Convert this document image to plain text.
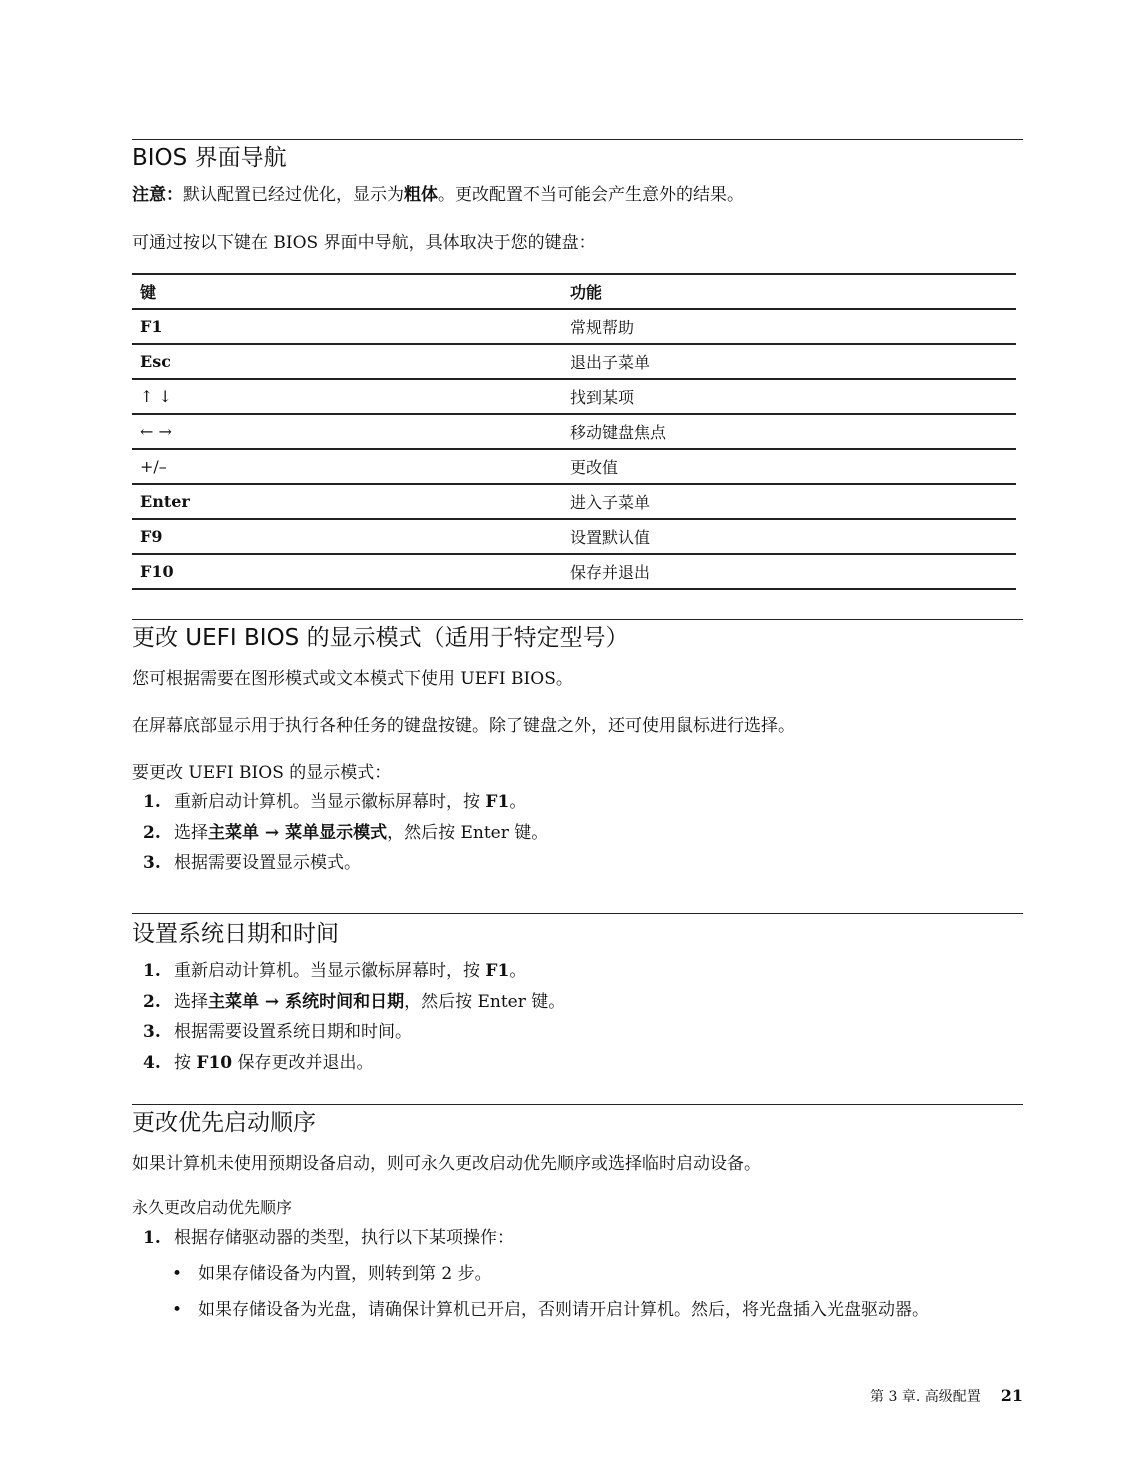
BIOS 界面导航

注意：默认配置已经过优化，显示为粗体。更改配置不当可能会产生意外的结果。

可通过按以下键在 BIOS 界面中导航，具体取决于您的键盘：

键	功能
F1	常规帮助
Esc	退出子菜单
↑ ↓	找到某项
← →	移动键盘焦点
+/–	更改值
Enter	进入子菜单
F9	设置默认值
F10	保存并退出
更改 UEFI BIOS 的显示模式（适用于特定型号）

您可根据需要在图形模式或文本模式下使用 UEFI BIOS。

在屏幕底部显示用于执行各种任务的键盘按键。除了键盘之外，还可使用鼠标进行选择。

要更改 UEFI BIOS 的显示模式：

1. 重新启动计算机。当显示徽标屏幕时，按 F1。
2. 选择主菜单 → 菜单显示模式，然后按 Enter 键。
3. 根据需要设置显示模式。
设置系统日期和时间
1. 重新启动计算机。当显示徽标屏幕时，按 F1。
2. 选择主菜单 → 系统时间和日期，然后按 Enter 键。
3. 根据需要设置系统日期和时间。
4. 按 F10 保存更改并退出。
更改优先启动顺序

如果计算机未使用预期设备启动，则可永久更改启动优先顺序或选择临时启动设备。

永久更改启动优先顺序
1. 根据存储驱动器的类型，执行以下某项操作：
• 如果存储设备为内置，则转到第 2 步。
• 如果存储设备为光盘，请确保计算机已开启，否则请开启计算机。然后，将光盘插入光盘驱动器。
第 3 章. 高级配置 21
